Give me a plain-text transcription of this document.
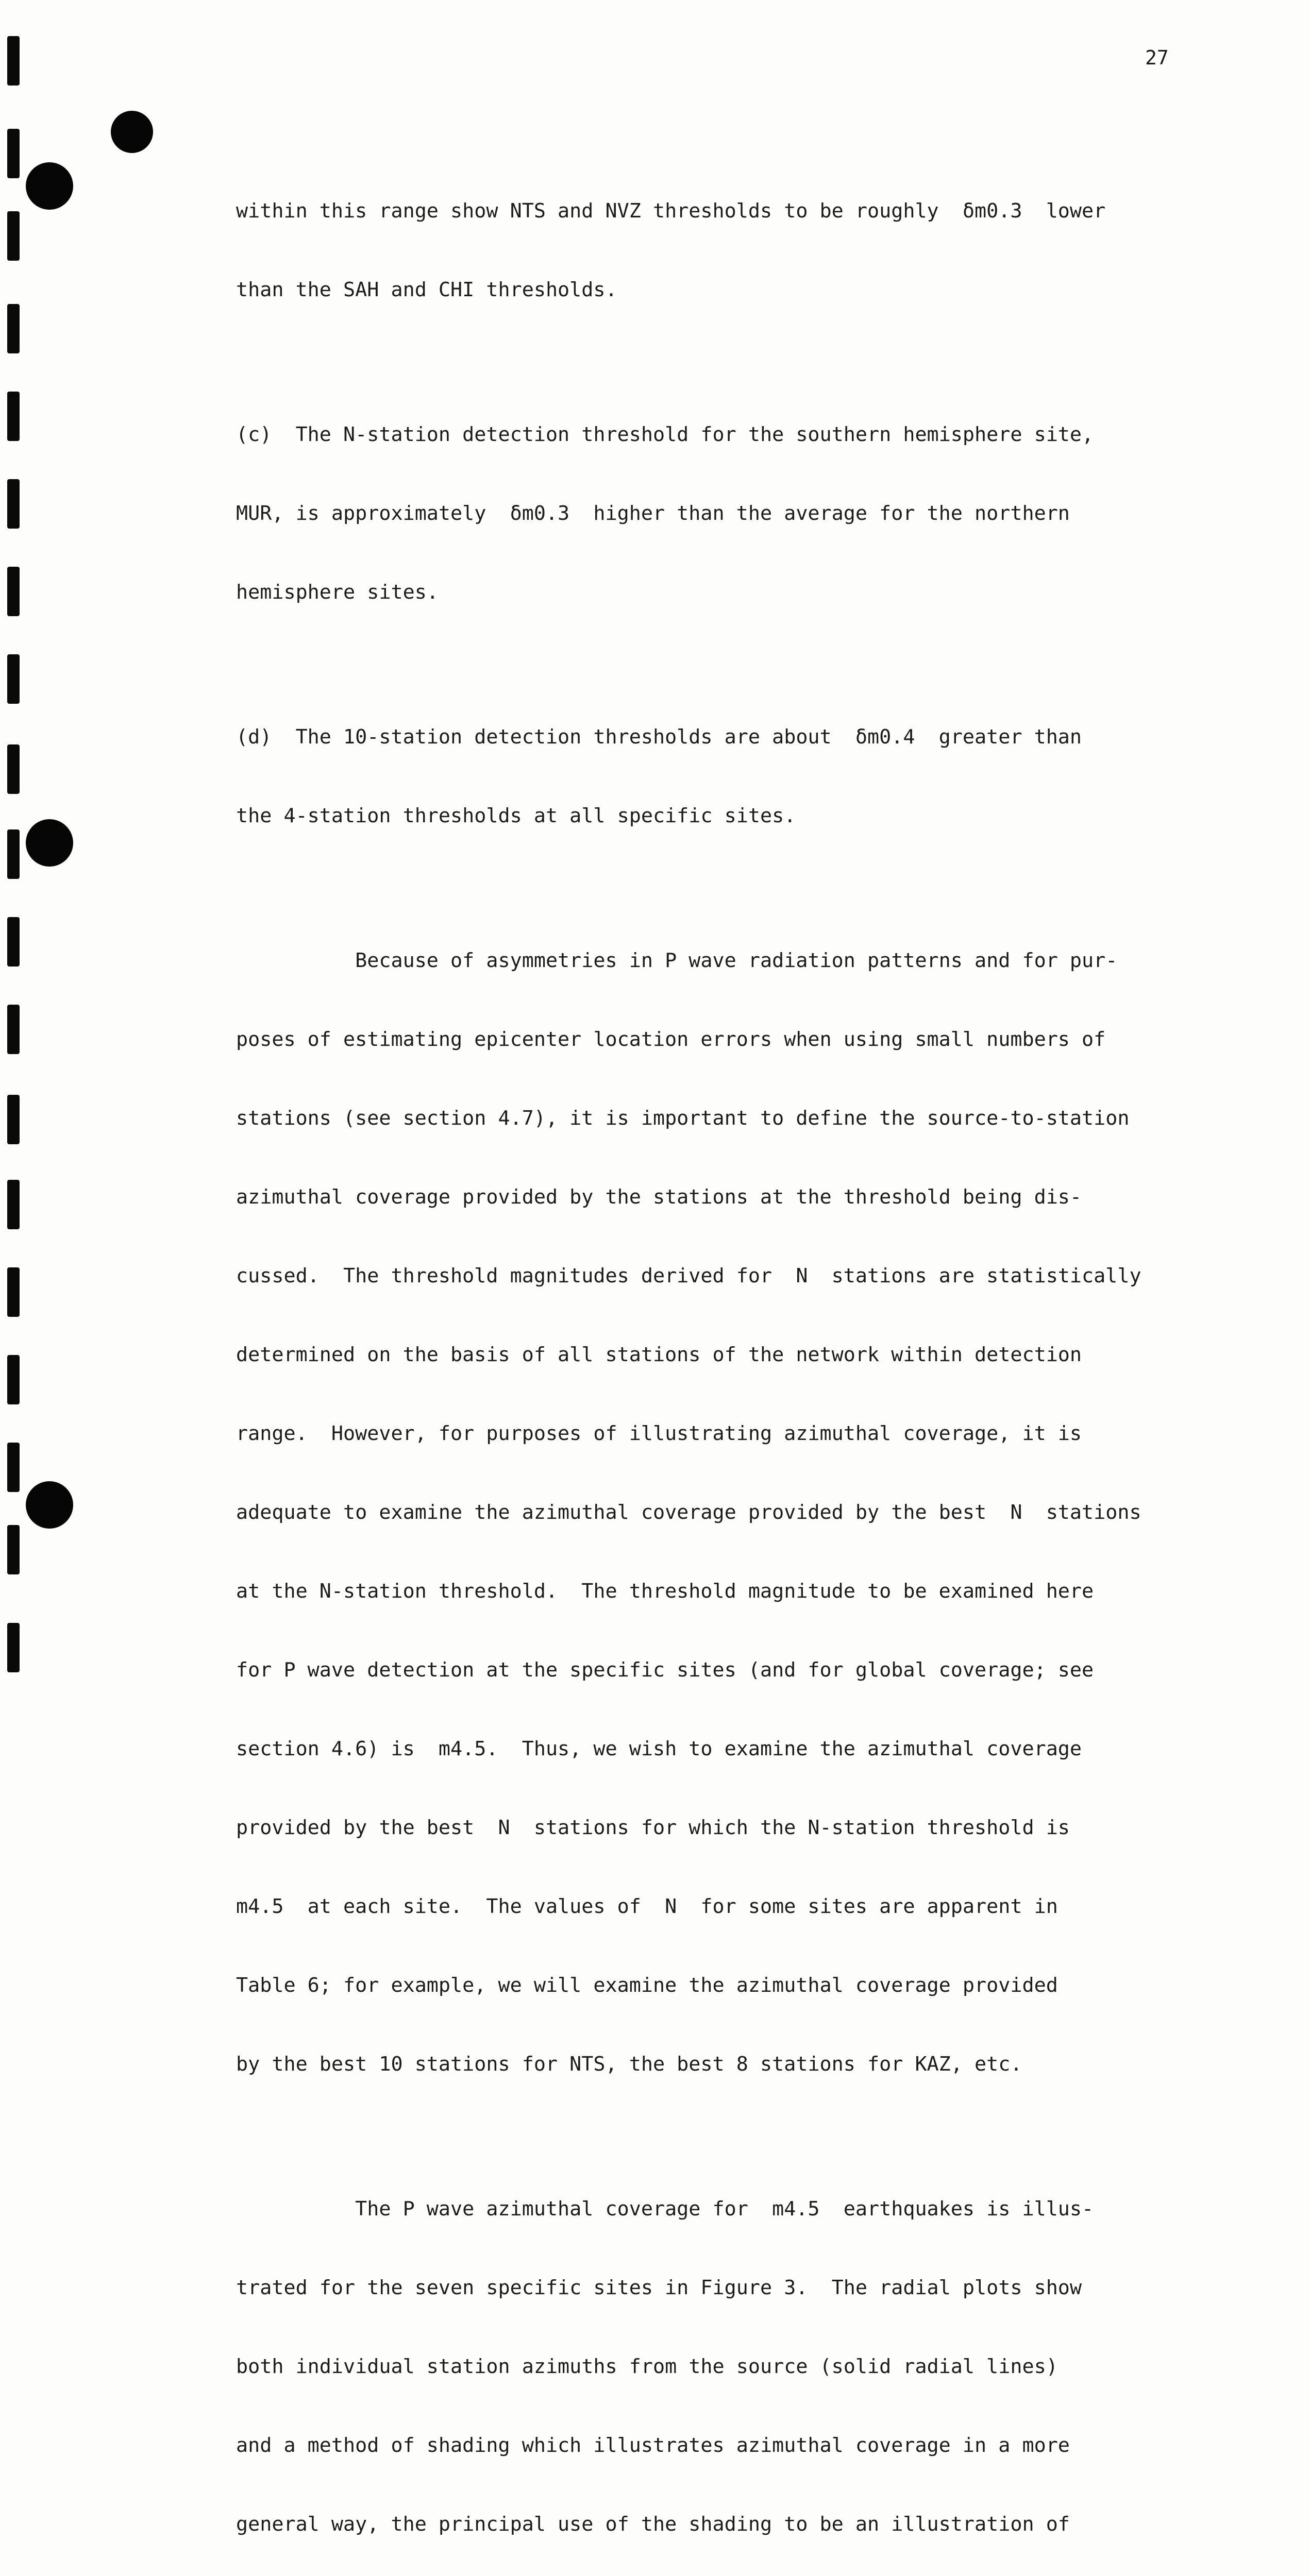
27

within this range show NTS and NVZ thresholds to be roughly  δm0.3  lower

than the SAH and CHI thresholds.

(c)  The N-station detection threshold for the southern hemisphere site,

MUR, is approximately  δm0.3  higher than the average for the northern

hemisphere sites.

(d)  The 10-station detection thresholds are about  δm0.4  greater than

the 4-station thresholds at all specific sites.

Because of asymmetries in P wave radiation patterns and for pur-

poses of estimating epicenter location errors when using small numbers of

stations (see section 4.7), it is important to define the source-to-station

azimuthal coverage provided by the stations at the threshold being dis-

cussed.  The threshold magnitudes derived for  N  stations are statistically

determined on the basis of all stations of the network within detection

range.  However, for purposes of illustrating azimuthal coverage, it is

adequate to examine the azimuthal coverage provided by the best  N  stations

at the N-station threshold.  The threshold magnitude to be examined here

for P wave detection at the specific sites (and for global coverage; see

section 4.6) is  m4.5.  Thus, we wish to examine the azimuthal coverage

provided by the best  N  stations for which the N-station threshold is

m4.5  at each site.  The values of  N  for some sites are apparent in

Table 6; for example, we will examine the azimuthal coverage provided

by the best 10 stations for NTS, the best 8 stations for KAZ, etc.

The P wave azimuthal coverage for  m4.5  earthquakes is illus-

trated for the seven specific sites in Figure 3.  The radial plots show

both individual station azimuths from the source (solid radial lines)

and a method of shading which illustrates azimuthal coverage in a more

general way, the principal use of the shading to be an illustration of
